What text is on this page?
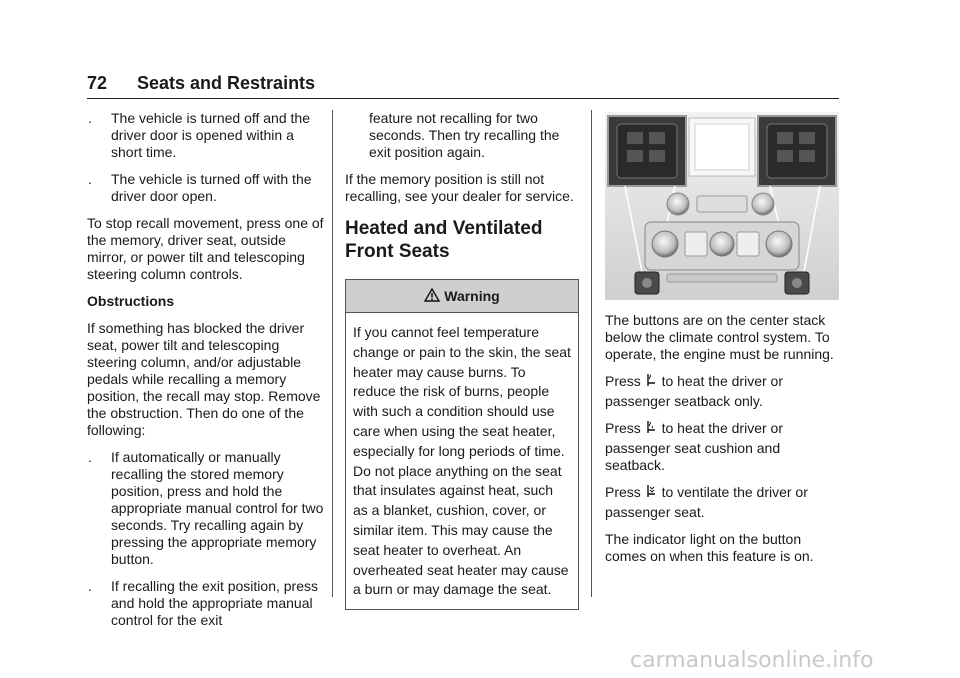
72 Seats and Restraints
. The vehicle is turned off and the driver door is opened within a short time.
. The vehicle is turned off with the driver door open.

To stop recall movement, press one of the memory, driver seat, outside mirror, or power tilt and telescoping steering column controls.

Obstructions

If something has blocked the driver seat, power tilt and telescoping steering column, and/or adjustable pedals while recalling a memory position, the recall may stop. Remove the obstruction. Then do one of the following:

. If automatically or manually recalling the stored memory position, press and hold the appropriate manual control for two seconds. Try recalling again by pressing the appropriate memory button.
. If recalling the exit position, press and hold the appropriate manual control for the exit
feature not recalling for two seconds. Then try recalling the exit position again.

If the memory position is still not recalling, see your dealer for service.

Heated and Ventilated
Front Seats
Warning
If you cannot feel temperature change or pain to the skin, the seat heater may cause burns. To reduce the risk of burns, people with such a condition should use care when using the seat heater, especially for long periods of time. Do not place anything on the seat that insulates against heat, such as a blanket, cushion, cover, or similar item. This may cause the seat heater to overheat. An overheated seat heater may cause a burn or may damage the seat.

The buttons are on the center stack below the climate control system. To operate, the engine must be running.

Press to heat the driver or passenger seatback only.

Press to heat the driver or passenger seat cushion and seatback.

Press to ventilate the driver or passenger seat.

The indicator light on the button comes on when this feature is on.

carmanualsonline.info
